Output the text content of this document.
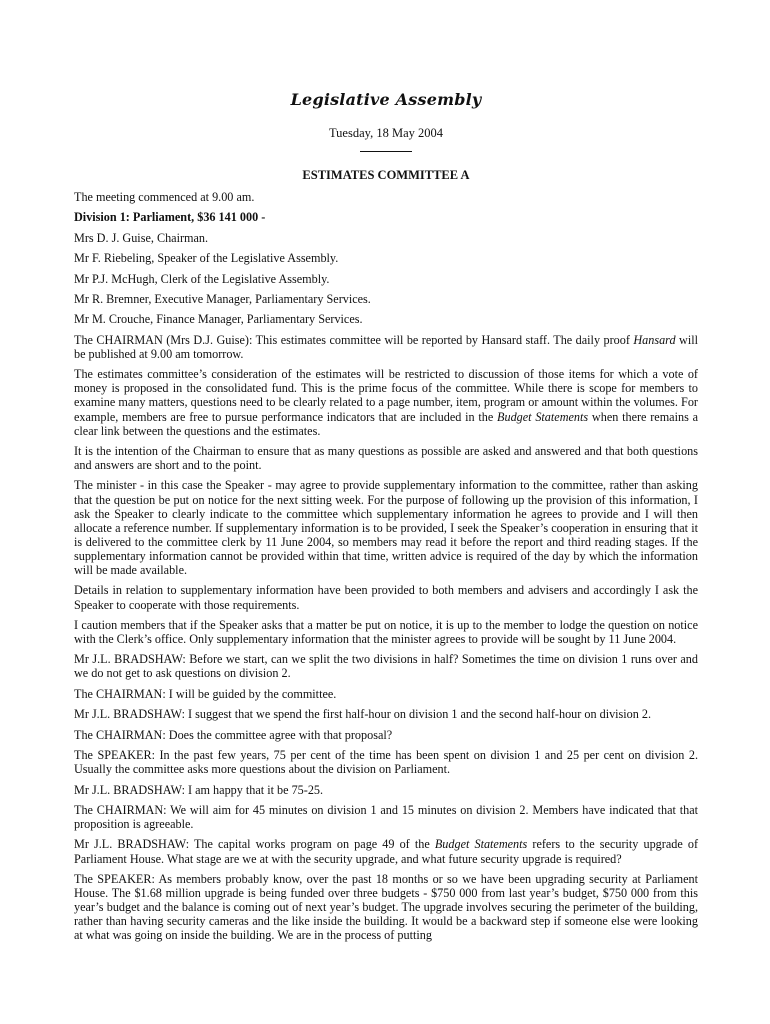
Legislative Assembly
Tuesday, 18 May 2004
ESTIMATES COMMITTEE A

The meeting commenced at 9.00 am.

Division 1: Parliament, $36 141 000 -

Mrs D. J. Guise, Chairman.

Mr F. Riebeling, Speaker of the Legislative Assembly.

Mr P.J. McHugh, Clerk of the Legislative Assembly.

Mr R. Bremner, Executive Manager, Parliamentary Services.

Mr M. Crouche, Finance Manager, Parliamentary Services.

The CHAIRMAN (Mrs D.J. Guise): This estimates committee will be reported by Hansard staff. The daily proof Hansard will be published at 9.00 am tomorrow.

The estimates committee’s consideration of the estimates will be restricted to discussion of those items for which a vote of money is proposed in the consolidated fund. This is the prime focus of the committee. While there is scope for members to examine many matters, questions need to be clearly related to a page number, item, program or amount within the volumes. For example, members are free to pursue performance indicators that are included in the Budget Statements when there remains a clear link between the questions and the estimates.

It is the intention of the Chairman to ensure that as many questions as possible are asked and answered and that both questions and answers are short and to the point.

The minister - in this case the Speaker - may agree to provide supplementary information to the committee, rather than asking that the question be put on notice for the next sitting week. For the purpose of following up the provision of this information, I ask the Speaker to clearly indicate to the committee which supplementary information he agrees to provide and I will then allocate a reference number. If supplementary information is to be provided, I seek the Speaker’s cooperation in ensuring that it is delivered to the committee clerk by 11 June 2004, so members may read it before the report and third reading stages. If the supplementary information cannot be provided within that time, written advice is required of the day by which the information will be made available.

Details in relation to supplementary information have been provided to both members and advisers and accordingly I ask the Speaker to cooperate with those requirements.

I caution members that if the Speaker asks that a matter be put on notice, it is up to the member to lodge the question on notice with the Clerk’s office. Only supplementary information that the minister agrees to provide will be sought by 11 June 2004.

Mr J.L. BRADSHAW: Before we start, can we split the two divisions in half? Sometimes the time on division 1 runs over and we do not get to ask questions on division 2.

The CHAIRMAN: I will be guided by the committee.

Mr J.L. BRADSHAW: I suggest that we spend the first half-hour on division 1 and the second half-hour on division 2.

The CHAIRMAN: Does the committee agree with that proposal?

The SPEAKER: In the past few years, 75 per cent of the time has been spent on division 1 and 25 per cent on division 2. Usually the committee asks more questions about the division on Parliament.

Mr J.L. BRADSHAW: I am happy that it be 75-25.

The CHAIRMAN: We will aim for 45 minutes on division 1 and 15 minutes on division 2. Members have indicated that that proposition is agreeable.

Mr J.L. BRADSHAW: The capital works program on page 49 of the Budget Statements refers to the security upgrade of Parliament House. What stage are we at with the security upgrade, and what future security upgrade is required?

The SPEAKER: As members probably know, over the past 18 months or so we have been upgrading security at Parliament House. The $1.68 million upgrade is being funded over three budgets - $750 000 from last year’s budget, $750 000 from this year’s budget and the balance is coming out of next year’s budget. The upgrade involves securing the perimeter of the building, rather than having security cameras and the like inside the building. It would be a backward step if someone else were looking at what was going on inside the building. We are in the process of putting
